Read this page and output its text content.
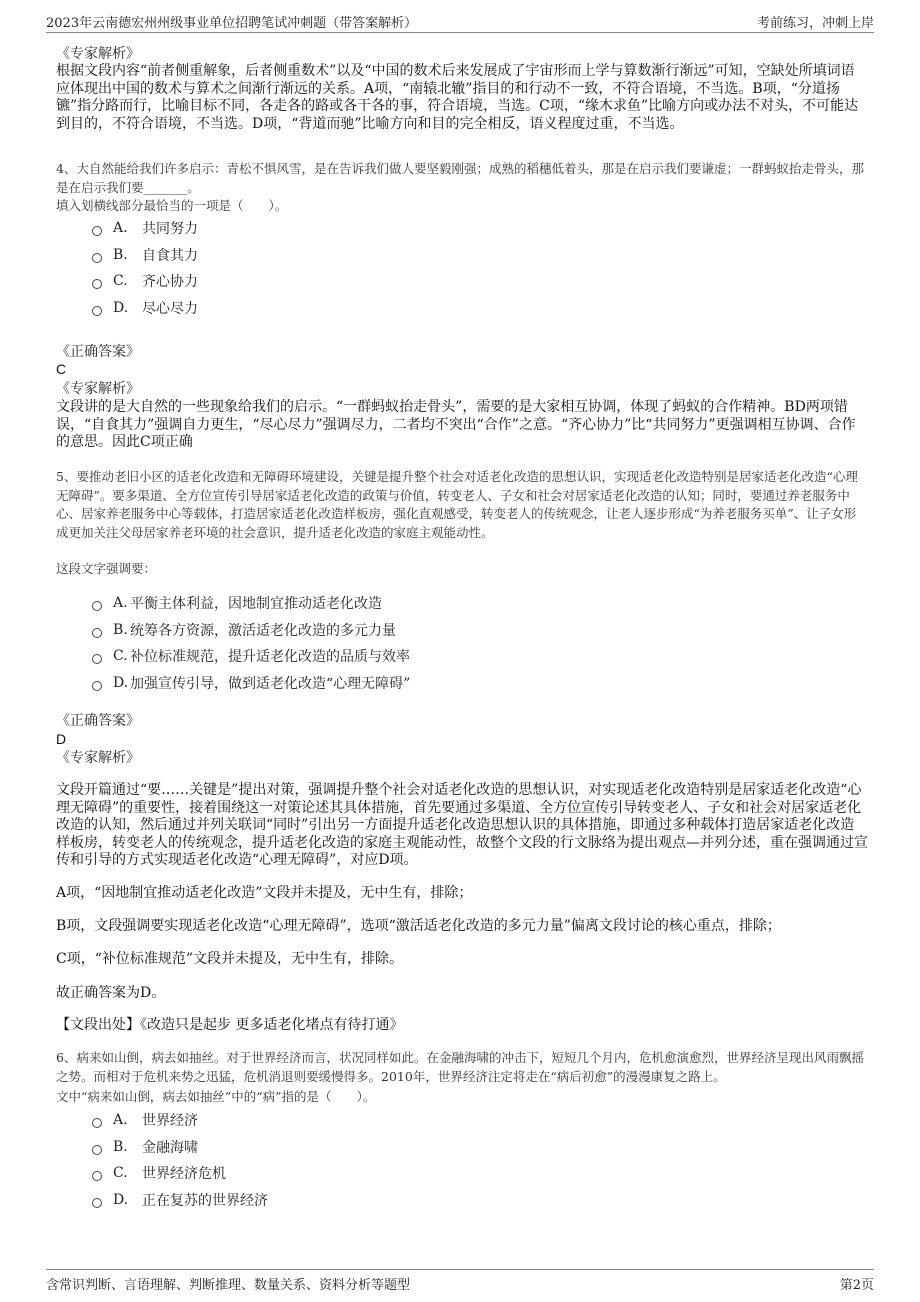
2023年云南德宏州州级事业单位招聘笔试冲刺题（带答案解析）	考前练习，冲刺上岸
《专家解析》
根据文段内容“前者侧重解象，后者侧重数术”以及“中国的数术后来发展成了宇宙形而上学与算数渐行渐远”可知，空缺处所填词语应体现出中国的数术与算术之间渐行渐远的关系。A项，“南辕北辙”指目的和行动不一致，不符合语境，不当选。B项，“分道扬镳”指分路而行，比喻目标不同，各走各的路或各干各的事，符合语境，当选。C项，“缘木求鱼”比喻方向或办法不对头，不可能达到目的，不符合语境，不当选。D项，“背道而驰”比喻方向和目的完全相反，语义程度过重，不当选。
4、大自然能给我们许多启示：青松不惧风雪，是在告诉我们做人要坚毅刚强；成熟的稻穗低着头，那是在启示我们要谦虚；一群蚂蚁抬走骨头，那是在启示我们要_______。
填入划横线部分最恰当的一项是（　　）。
A.	共同努力
B.	自食其力
C.	齐心协力
D. 尽心尽力
《正确答案》
C
《专家解析》
文段讲的是大自然的一些现象给我们的启示。“一群蚂蚁抬走骨头”，需要的是大家相互协调，体现了蚂蚁的合作精神。BD两项错误，“自食其力”强调自力更生，“尽心尽力”强调尽力，二者均不突出“合作”之意。“齐心协力”比“共同努力”更强调相互协调、合作的意思。因此C项正确
5、要推动老旧小区的适老化改造和无障碍环境建设，关键是提升整个社会对适老化改造的思想认识，实现适老化改造特别是居家适老化改造“心理无障碍”。要多渠道、全方位宣传引导居家适老化改造的政策与价值，转变老人、子女和社会对居家适老化改造的认知；同时，要通过养老服务中心、居家养老服务中心等载体，打造居家适老化改造样板房，强化直观感受，转变老人的传统观念，让老人逐步形成“为养老服务买单”、让子女形成更加关注父母居家养老环境的社会意识，提升适老化改造的家庭主观能动性。
这段文字强调要：
A. 平衡主体利益，因地制宜推动适老化改造
B. 统筹各方资源，激活适老化改造的多元力量
C. 补位标准规范，提升适老化改造的品质与效率
D. 加强宣传引导，做到适老化改造“心理无障碍”
《正确答案》
D
《专家解析》
文段开篇通过“要……关键是”提出对策，强调提升整个社会对适老化改造的思想认识，对实现适老化改造特别是居家适老化改造“心理无障碍”的重要性，接着围绕这一对策论述其具体措施，首先要通过多渠道、全方位宣传引导转变老人、子女和社会对居家适老化改造的认知，然后通过并列关联词“同时”引出另一方面提升适老化改造思想认识的具体措施，即通过多种载体打造居家适老化改造样板房，转变老人的传统观念，提升适老化改造的家庭主观能动性，故整个文段的行文脉络为提出观点—并列分述，重在强调通过宣传和引导的方式实现适老化改造“心理无障碍”，对应D项。
A项，“因地制宜推动适老化改造”文段并未提及，无中生有，排除；
B项，文段强调要实现适老化改造“心理无障碍”，选项“激活适老化改造的多元力量”偏离文段讨论的核心重点，排除；
C项，“补位标准规范”文段并未提及，无中生有，排除。
故正确答案为D。
【文段出处】《改造只是起步 更多适老化堵点有待打通》
6、病来如山倒，病去如抽丝。对于世界经济而言，状况同样如此。在金融海啸的冲击下，短短几个月内，危机愈演愈烈，世界经济呈现出风雨飘摇之势。而相对于危机来势之迅猛，危机消退则要缓慢得多。2010年，世界经济注定将走在“病后初愈”的漫漫康复之路上。
文中“病来如山倒，病去如抽丝”中的“病”指的是（　　）。
A.	世界经济
B.	金融海啸
C.	世界经济危机
D. 正在复苏的世界经济
含常识判断、言语理解、判断推理、数量关系、资料分析等题型	第2页
